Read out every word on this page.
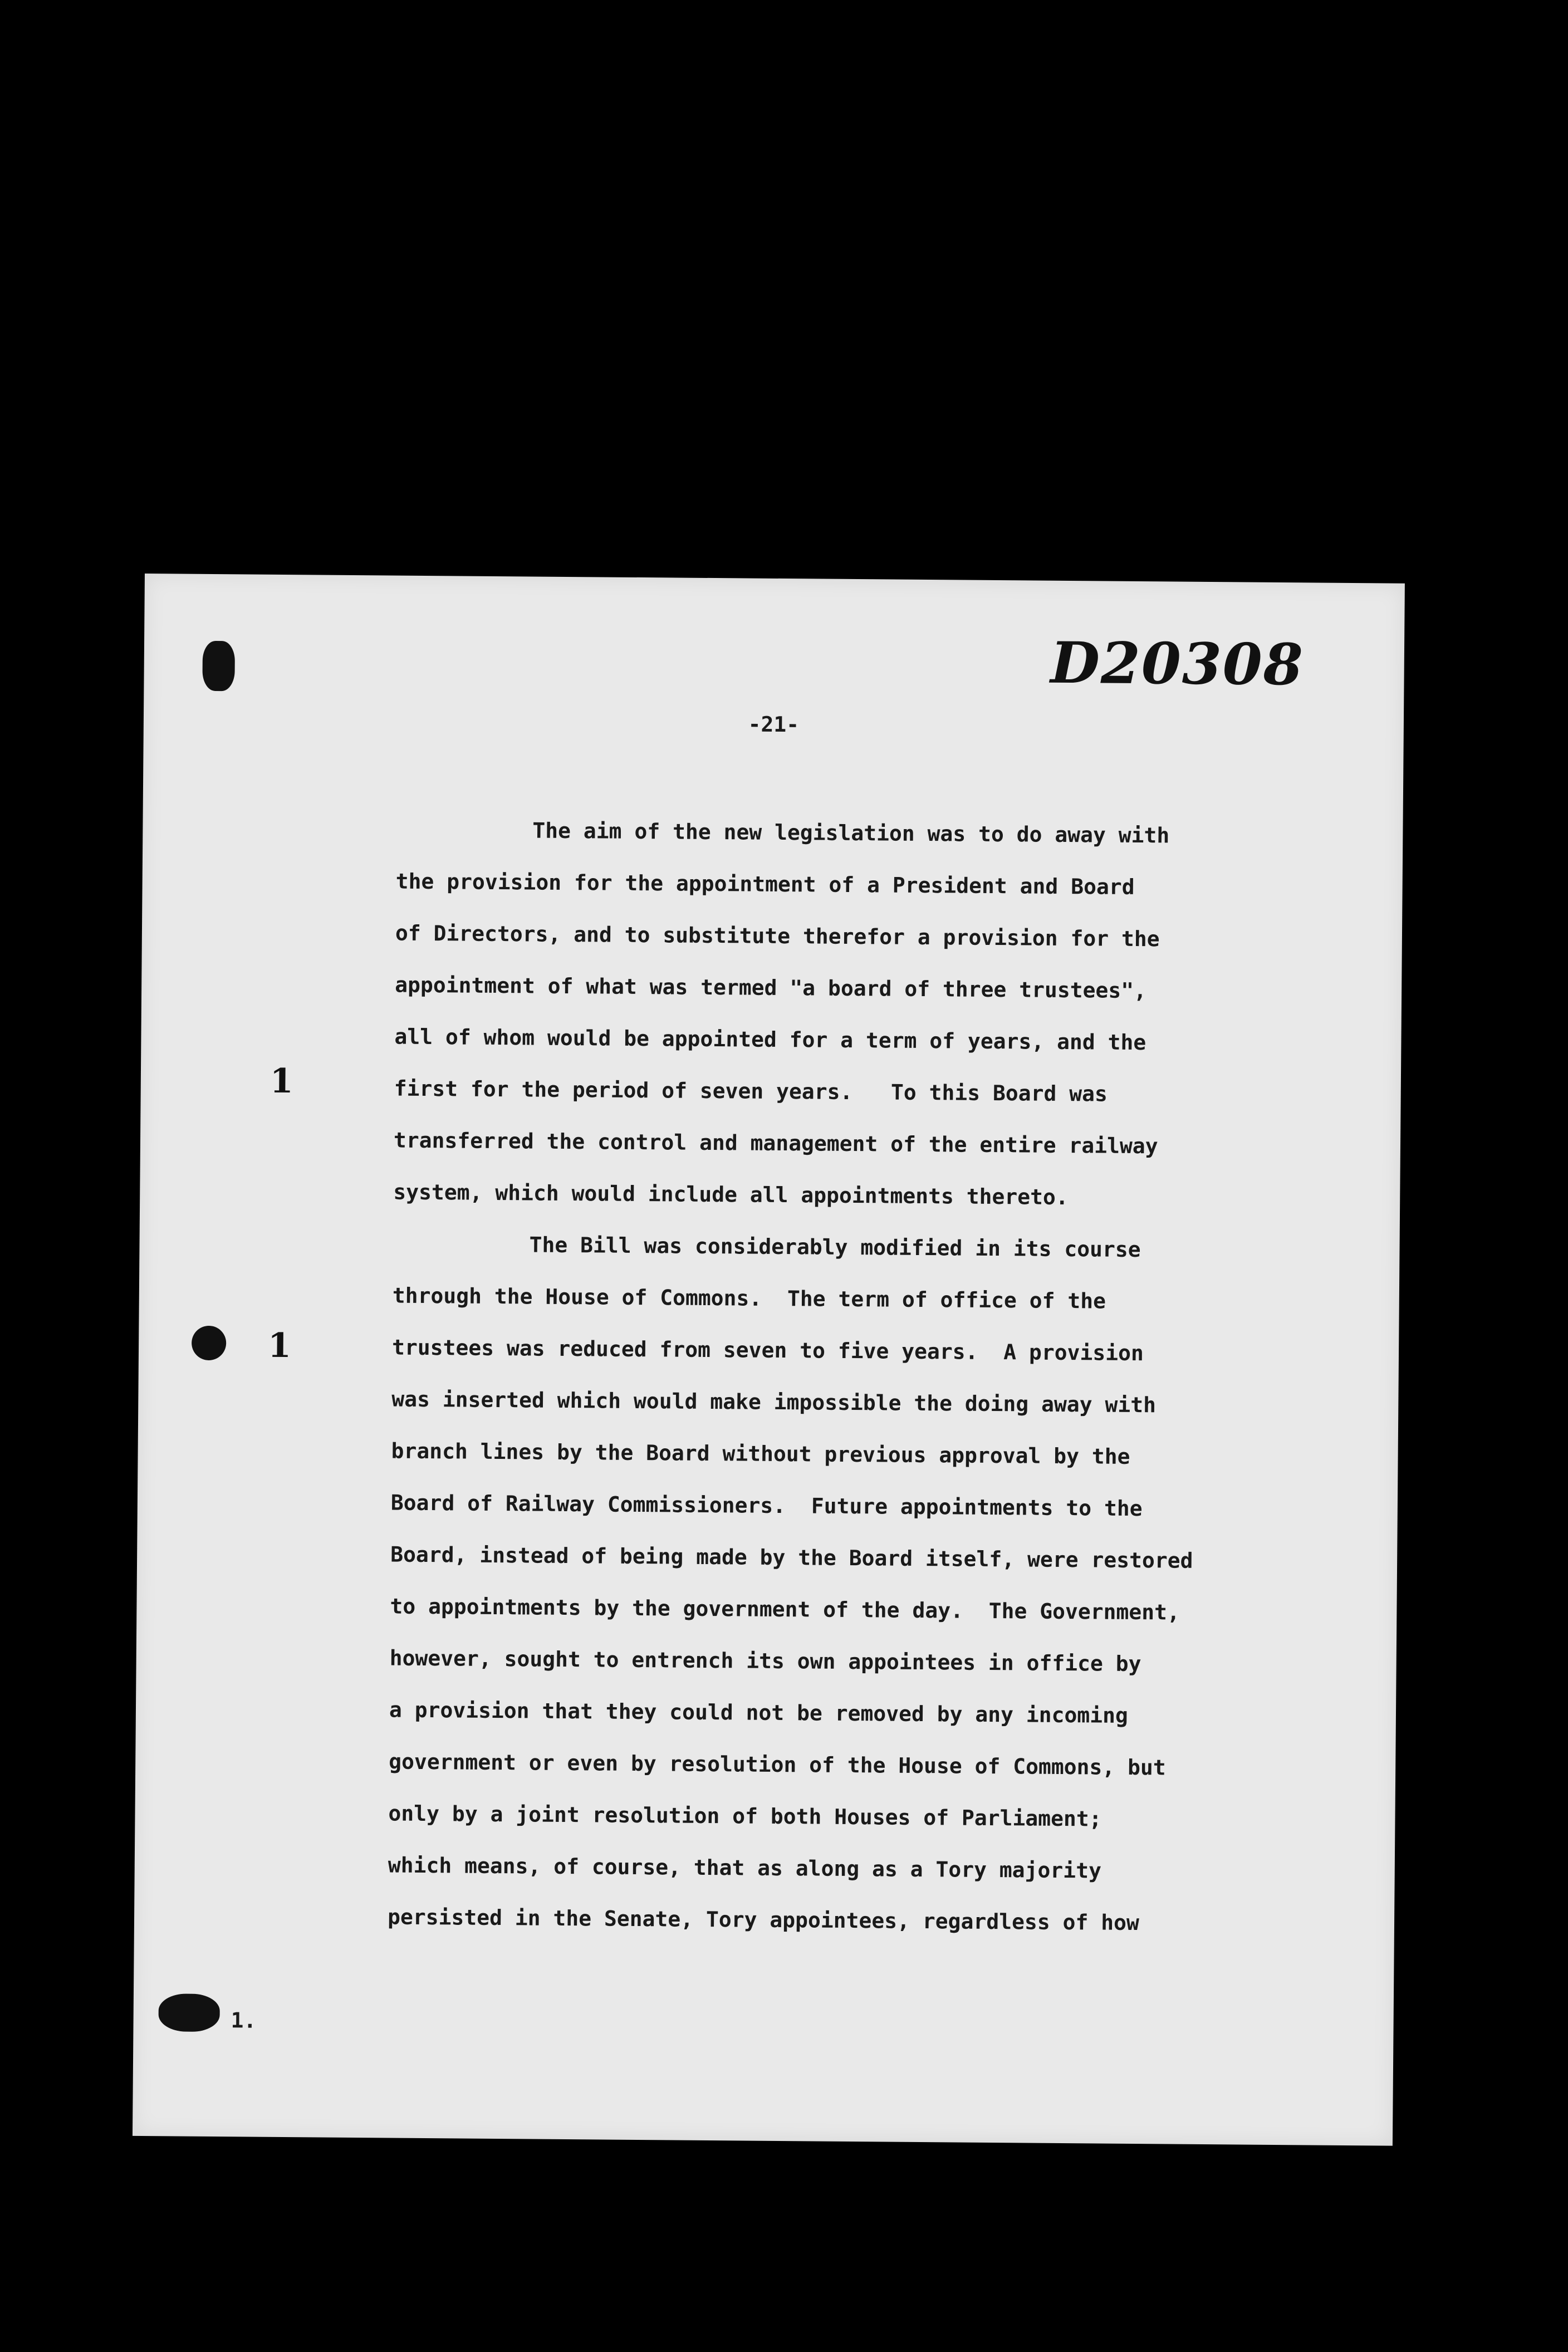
D20308
-21-
1
1
The aim of the new legislation was to do away with
the provision for the appointment of a President and Board
of Directors, and to substitute therefor a provision for the
appointment of what was termed "a board of three trustees",
all of whom would be appointed for a term of years, and the
first for the period of seven years.   To this Board was
transferred the control and management of the entire railway
system, which would include all appointments thereto.
The Bill was considerably modified in its course
through the House of Commons.  The term of office of the
trustees was reduced from seven to five years.  A provision
was inserted which would make impossible the doing away with
branch lines by the Board without previous approval by the
Board of Railway Commissioners.  Future appointments to the
Board, instead of being made by the Board itself, were restored
to appointments by the government of the day.  The Government,
however, sought to entrench its own appointees in office by
a provision that they could not be removed by any incoming
government or even by resolution of the House of Commons, but
only by a joint resolution of both Houses of Parliament;
which means, of course, that as along as a Tory majority
persisted in the Senate, Tory appointees, regardless of how
1.
